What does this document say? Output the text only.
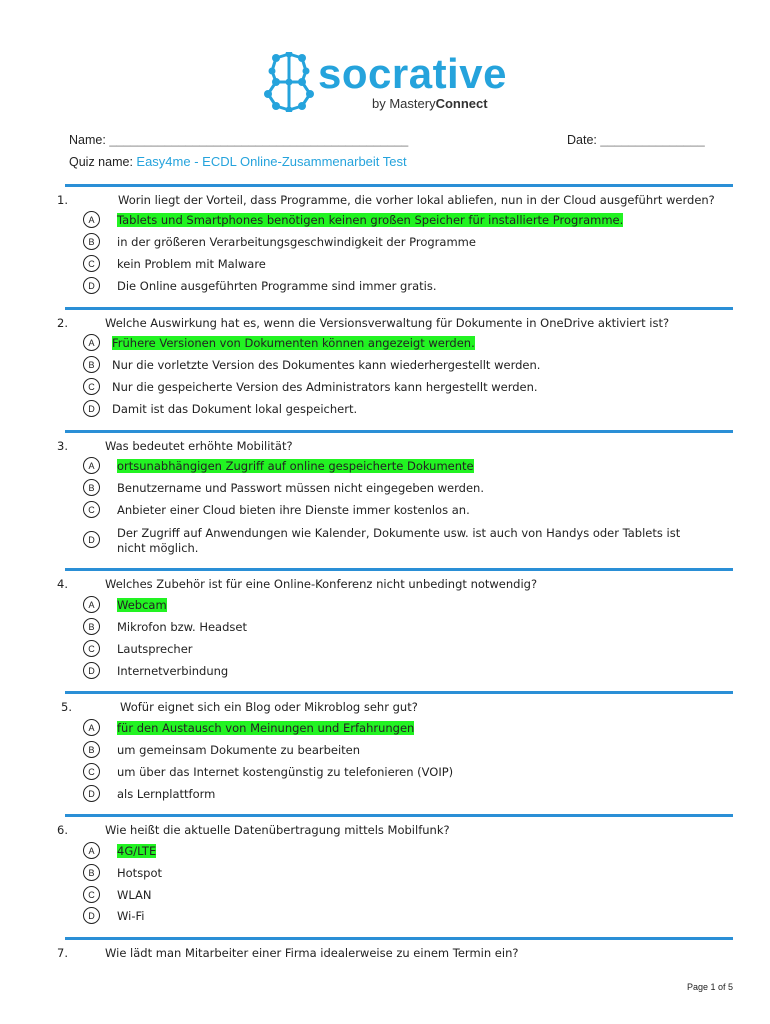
socrative
by MasteryConnect
Name: ___________________________________________	Date: _______________
Quiz name: Easy4me - ECDL Online-Zusammenarbeit Test
1.	Worin liegt der Vorteil, dass Programme, die vorher lokal abliefen, nun in der Cloud ausgeführt werden?
A	Tablets und Smartphones benötigen keinen großen Speicher für installierte Programme.
B	in der größeren Verarbeitungsgeschwindigkeit der Programme
C	kein Problem mit Malware
D	Die Online ausgeführten Programme sind immer gratis.
2.	Welche Auswirkung hat es, wenn die Versionsverwaltung für Dokumente in OneDrive aktiviert ist?
A	Frühere Versionen von Dokumenten können angezeigt werden.
B	Nur die vorletzte Version des Dokumentes kann wiederhergestellt werden.
C	Nur die gespeicherte Version des Administrators kann hergestellt werden.
D	Damit ist das Dokument lokal gespeichert.
3.	Was bedeutet erhöhte Mobilität?
A	ortsunabhängigen Zugriff auf online gespeicherte Dokumente
B	Benutzername und Passwort müssen nicht eingegeben werden.
C	Anbieter einer Cloud bieten ihre Dienste immer kostenlos an.
D	Der Zugriff auf Anwendungen wie Kalender, Dokumente usw. ist auch von Handys oder Tablets ist nicht möglich.
4.	Welches Zubehör ist für eine Online-Konferenz nicht unbedingt notwendig?
A	Webcam
B	Mikrofon bzw. Headset
C	Lautsprecher
D	Internetverbindung
5.	Wofür eignet sich ein Blog oder Mikroblog sehr gut?
A	für den Austausch von Meinungen und Erfahrungen
B	um gemeinsam Dokumente zu bearbeiten
C	um über das Internet kostengünstig zu telefonieren (VOIP)
D	als Lernplattform
6.	Wie heißt die aktuelle Datenübertragung mittels Mobilfunk?
A	4G/LTE
B	Hotspot
C	WLAN
D	Wi-Fi
7.	Wie lädt man Mitarbeiter einer Firma idealerweise zu einem Termin ein?
Page 1 of 5
